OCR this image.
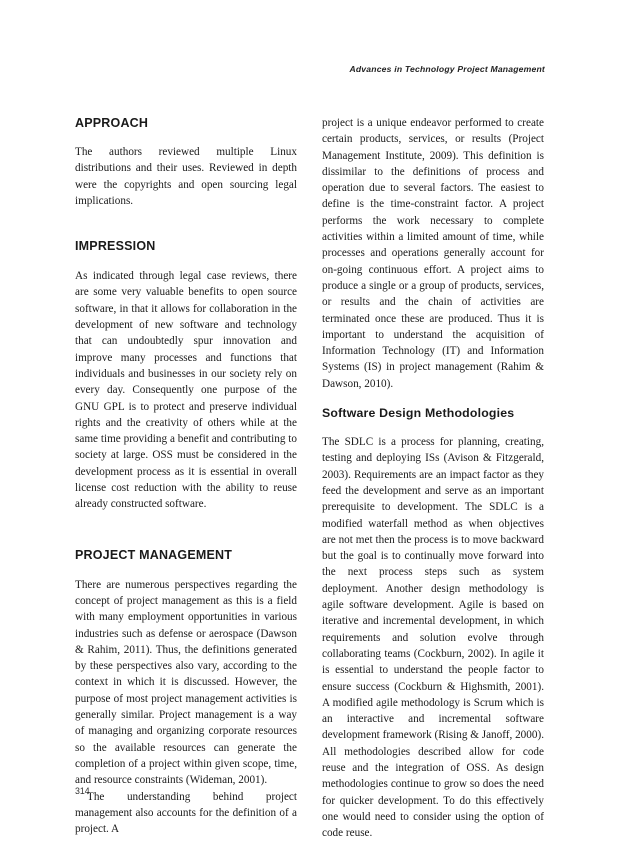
Advances in Technology Project Management
APPROACH

The authors reviewed multiple Linux distributions and their uses. Reviewed in depth were the copyrights and open sourcing legal implications.

IMPRESSION

As indicated through legal case reviews, there are some very valuable benefits to open source software, in that it allows for collaboration in the development of new software and technology that can undoubtedly spur innovation and improve many processes and functions that individuals and businesses in our society rely on every day. Consequently one purpose of the GNU GPL is to protect and preserve individual rights and the creativity of others while at the same time providing a benefit and contributing to society at large. OSS must be considered in the development process as it is essential in overall license cost reduction with the ability to reuse already constructed software.

PROJECT MANAGEMENT

There are numerous perspectives regarding the concept of project management as this is a field with many employment opportunities in various industries such as defense or aerospace (Dawson & Rahim, 2011). Thus, the definitions generated by these perspectives also vary, according to the context in which it is discussed. However, the purpose of most project management activities is generally similar. Project management is a way of managing and organizing corporate resources so the available resources can generate the completion of a project within given scope, time, and resource constraints (Wideman, 2001).

The understanding behind project management also accounts for the definition of a project. A

project is a unique endeavor performed to create certain products, services, or results (Project Management Institute, 2009). This definition is dissimilar to the definitions of process and operation due to several factors. The easiest to define is the time-constraint factor. A project performs the work necessary to complete activities within a limited amount of time, while processes and operations generally account for on-going continuous effort. A project aims to produce a single or a group of products, services, or results and the chain of activities are terminated once these are produced. Thus it is important to understand the acquisition of Information Technology (IT) and Information Systems (IS) in project management (Rahim & Dawson, 2010).

Software Design Methodologies

The SDLC is a process for planning, creating, testing and deploying ISs (Avison & Fitzgerald, 2003). Requirements are an impact factor as they feed the development and serve as an important prerequisite to development. The SDLC is a modified waterfall method as when objectives are not met then the process is to move backward but the goal is to continually move forward into the next process steps such as system deployment. Another design methodology is agile software development. Agile is based on iterative and incremental development, in which requirements and solution evolve through collaborating teams (Cockburn, 2002). In agile it is essential to understand the people factor to ensure success (Cockburn & Highsmith, 2001). A modified agile methodology is Scrum which is an interactive and incremental software development framework (Rising & Janoff, 2000). All methodologies described allow for code reuse and the integration of OSS. As design methodologies continue to grow so does the need for quicker development. To do this effectively one would need to consider using the option of code reuse.

314
